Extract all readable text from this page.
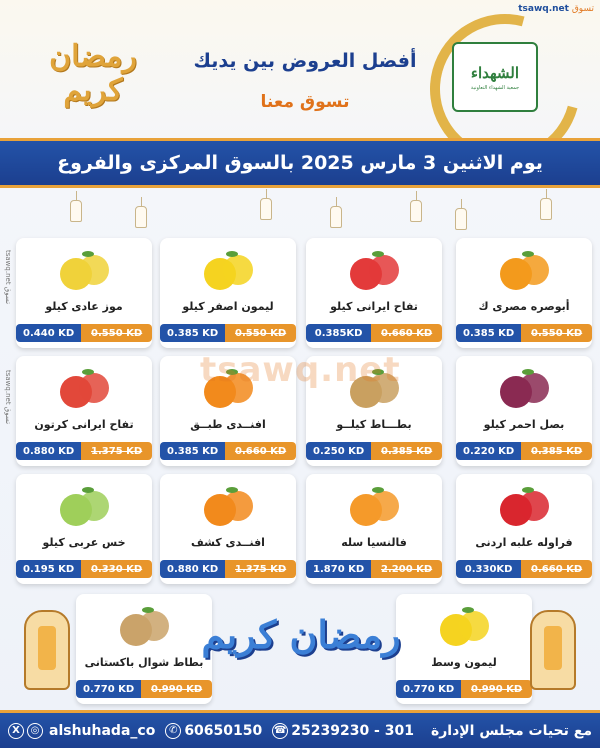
تسوق tsawq.net
الشهداء
جمعية الشهداء التعاونية
رمضان
كريم
أفضل العروض بين يديك
تسوق معنا
يوم الاثنين 3 مارس 2025 بالسوق المركزى والفروع
tsawq.net تسوق
tsawq.net تسوق
أبوصره مصرى ك
0.385 KD	0.550 KD
تفاح ايرانى كيلو
0.385KD	0.660 KD
ليمون اصفر كيلو
0.385 KD	0.550 KD
موز عادى كيلو
0.440 KD	0.550 KD
بصل احمر كيلو
0.220 KD	0.385 KD
بطـــاط كيلــو
0.250 KD	0.385 KD
افنــدى طبــق
0.385 KD	0.660 KD
تفاح ايرانى كرتون
0.880 KD	1.375 KD
فراوله علبه اردنى
0.330KD	0.660 KD
فالنسيا سله
1.870 KD	2.200 KD
افنــدى كشف
0.880 KD	1.375 KD
خس عربى كيلو
0.195 KD	0.330 KD
ليمون وسط
0.770 KD	0.990 KD
بطاط شوال باكستانى
0.770 KD	0.990 KD
tsawq.net
رمضان كريم
X	◎ alshuhada_co	✆ 60650150 ☎ 25239230 - 301 مع تحيات مجلس الإدارة
